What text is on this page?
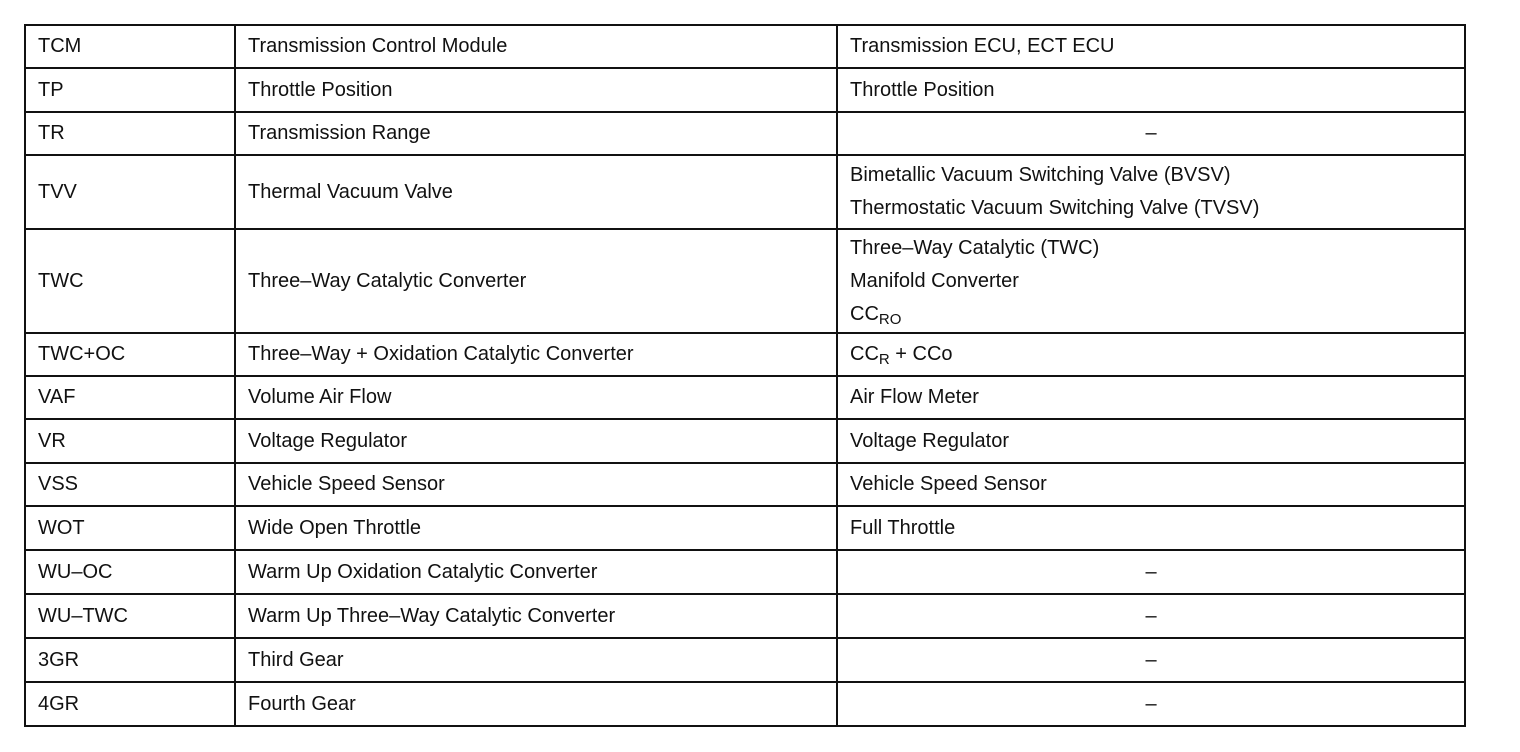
TCM	Transmission Control Module	Transmission ECU, ECT ECU
TP	Throttle Position	Throttle Position
TR	Transmission Range	–
TVV	Thermal Vacuum Valve	Bimetallic Vacuum Switching Valve (BVSV)
Thermostatic Vacuum Switching Valve (TVSV)

TWC	Three–Way Catalytic Converter	Three–Way Catalytic (TWC)
Manifold Converter
$CC_{RO}$

TWC+OC	Three–Way + Oxidation Catalytic Converter	$CC_R$ + CCo
VAF	Volume Air Flow	Air Flow Meter
VR	Voltage Regulator	Voltage Regulator
VSS	Vehicle Speed Sensor	Vehicle Speed Sensor
WOT	Wide Open Throttle	Full Throttle
WU–OC	Warm Up Oxidation Catalytic Converter	–
WU–TWC	Warm Up Three–Way Catalytic Converter	–
3GR	Third Gear	–
4GR	Fourth Gear	–
